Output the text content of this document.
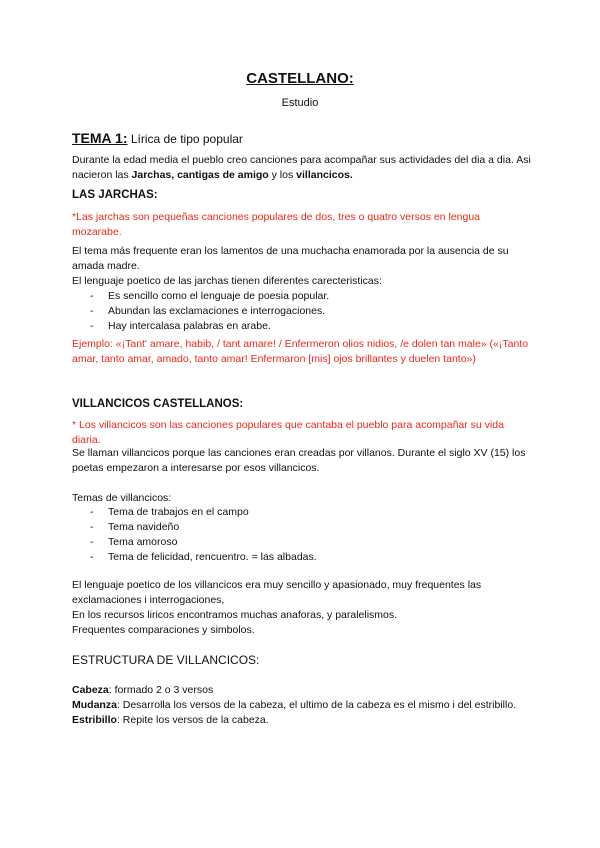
CASTELLANO:
Estudio
TEMA 1: Lírica de tipo popular
Durante la edad media el pueblo creo canciones para acompañar sus actividades del dia a dia. Asi nacieron las Jarchas, cantigas de amigo y los villancicos.
LAS JARCHAS:
*Las jarchas son pequeñas canciones populares de dos, tres o quatro versos en lengua mozarabe.
El tema más frequente eran los lamentos de una muchacha enamorada por la ausencia de su amada madre.
El lenguaje poetico de las jarchas tienen diferentes carecteristicas:
- Es sencillo como el lenguaje de poesia popular.
- Abundan las exclamaciones e interrogaciones.
- Hay intercalasa palabras en arabe.
Ejemplo: «¡Tant' amare, habib, / tant amare! / Enfermeron olios nidios, /e dolen tan male» («¡Tanto amar, tanto amar, amado, tanto amar! Enfermaron [mis] ojos brillantes y duelen tanto»)
VILLANCICOS CASTELLANOS:
* Los villancicos son las canciones populares que cantaba el pueblo para acompañar su vida diaria.
Se llaman villancicos porque las canciones eran creadas por villanos. Durante el siglo XV (15) los poetas empezaron a interesarse por esos villancicos.
Temas de villancicos:
- Tema de trabajos en el campo
- Tema navideño
- Tema amoroso
- Tema de felicidad, rencuentro. = las albadas.
El lenguaje poetico de los villancicos era muy sencillo y apasionado, muy frequentes las exclamaciones i interrogaciones,
En los recursos liricos encontramos muchas anaforas, y paralelismos.
Frequentes comparaciones y simbolos.
ESTRUCTURA DE VILLANCICOS:
Cabeza: formado 2 o 3 versos
Mudanza: Desarrolla los versos de la cabeza, el ultimo de la cabeza es el mismo i del estribillo.
Estribillo: Repite los versos de la cabeza.
